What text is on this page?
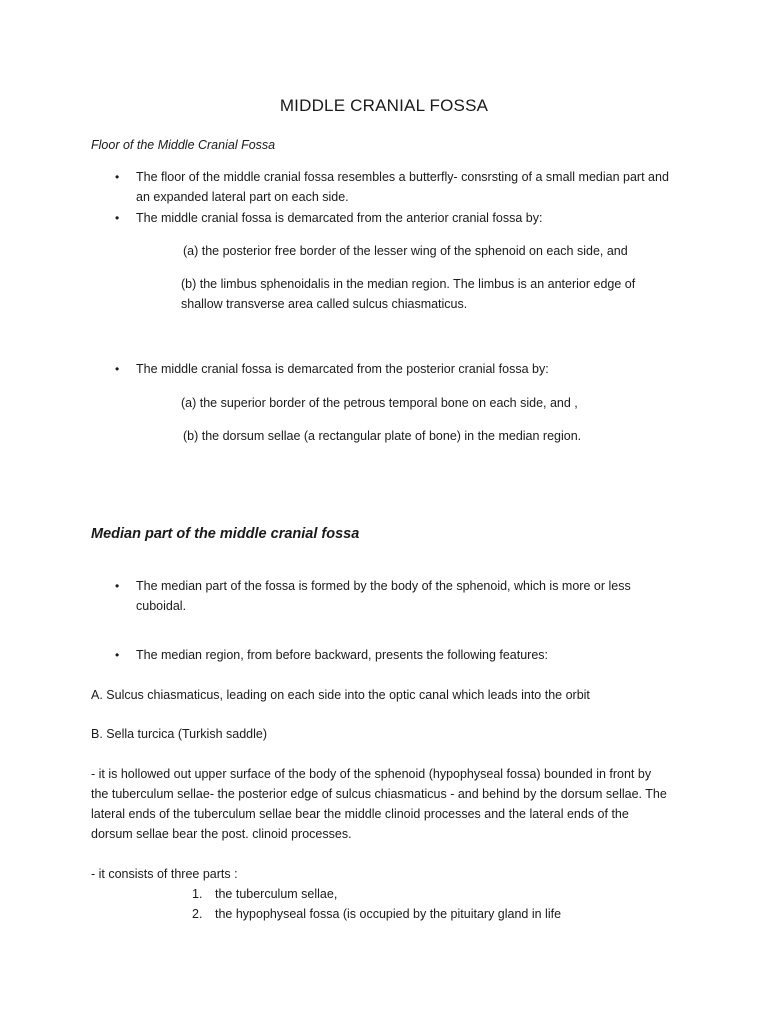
MIDDLE CRANIAL FOSSA
Floor of the Middle Cranial Fossa
• The floor of the middle cranial fossa resembles a butterfly- consrsting of a small median part and
an expanded lateral part on each side.
• The middle cranial fossa is demarcated from the anterior cranial fossa by:
(a) the posterior free border of the lesser wing of the sphenoid on each side, and
(b) the limbus sphenoidalis in the median region. The limbus is an anterior edge of
shallow transverse area called sulcus chiasmaticus.
• The middle cranial fossa is demarcated from the posterior cranial fossa by:
(a) the superior border of the petrous temporal bone on each side, and ,
(b) the dorsum sellae (a rectangular plate of bone) in the median region.
Median part of the middle cranial fossa
• The median part of the fossa is formed by the body of the sphenoid, which is more or less
cuboidal.
• The median region, from before backward, presents the following features:
A. Sulcus chiasmaticus, leading on each side into the optic canal which leads into the orbit
B. Sella turcica (Turkish saddle)
- it is hollowed out upper surface of the body of the sphenoid (hypophyseal fossa) bounded in front by
the tuberculum sellae- the posterior edge of sulcus chiasmaticus - and behind by the dorsum sellae. The
lateral ends of the tuberculum sellae bear the middle clinoid processes and the lateral ends of the
dorsum sellae bear the post. clinoid processes.
- it consists of three parts :
1. the tuberculum sellae,
2. the hypophyseal fossa (is occupied by the pituitary gland in life
